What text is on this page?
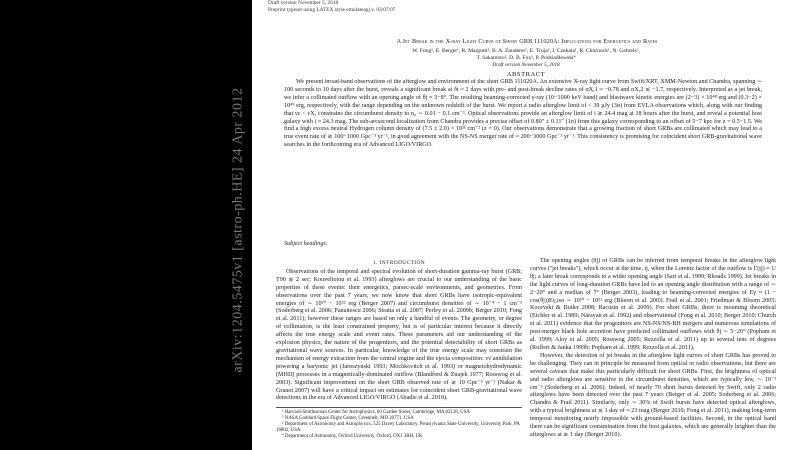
arXiv:1204.5475v1 [astro-ph.HE] 24 Apr 2012
Draft version November 5, 2018
Preprint typeset using LATEX style emulateapj v. 03/07/07
A Jet Break in the X-ray Light Curve of Short GRB 111020A: Implications for Energetics and Rates
W. Fong¹, E. Berger¹, R. Margutti¹, B. A. Zauderer¹, E. Troja², I. Czekala¹, R. Chornock¹, N. Gehrels²,
T. Sakamoto², D. B. Fox³, P. Podsiadlowski⁴
Draft version November 5, 2018
ABSTRACT
We present broad-band observations of the afterglow and environment of the short GRB 111020A. An extensive X-ray light curve from Swift/XRT, XMM-Newton and Chandra, spanning ∼ 100 seconds to 10 days after the burst, reveals a significant break at δt ≈ 2 days with pre- and post-break decline rates of αX,1 ≈ −0.78 and αX,2 ≲ −1.7, respectively. Interpreted as a jet break, we infer a collimated outflow with an opening angle of θj ≈ 3−8°. The resulting beaming-corrected γ-ray (10−1000 keV band) and blastwave kinetic energies are (2−3) × 10⁴⁸ erg and (0.3−2) × 10⁴⁹ erg, respectively, with the range depending on the unknown redshift of the burst. We report a radio afterglow limit of < 39 μJy (3σ) from EVLA observations which, along with our finding that νc < νX, constrains the circumburst density to n₀ ∼ 0.01 − 0.1 cm⁻³. Optical observations provide an afterglow limit of i ≳ 24.4 mag at 18 hours after the burst, and reveal a potential host galaxy with i ≈ 24.3 mag. The sub-arcsecond localization from Chandra provides a precise offset of 0.80″ ± 0.11″ (1σ) from this galaxy corresponding to an offset of 5−7 kpc for z = 0.5−1.5. We find a high excess neutral Hydrogen column density of (7.5 ± 2.0) × 10²¹ cm⁻² (z = 0). Our observations demonstrate that a growing fraction of short GRBs are collimated which may lead to a true event rate of ≳ 100−1000 Gpc⁻³ yr⁻¹, in good agreement with the NS-NS merger rate of ≈ 200−3000 Gpc⁻³ yr⁻¹. This consistency is promising for coincident short GRB-gravitational wave searches in the forthcoming era of Advanced LIGO/VIRGO.
Subject headings:
1. INTRODUCTION

Observations of the temporal and spectral evolution of short-duration gamma-ray burst (GRB; T90 ≲ 2 sec; Kouveliotou et al. 1993) afterglows are crucial to our understanding of the basic properties of these events: their energetics, parsec-scale environments, and geometries. From observations over the past 7 years, we now know that short GRBs have isotropic-equivalent energies of ∼ 10⁵⁰ − 10⁵² erg (Berger 2007) and circumburst densities of ∼ 10⁻⁴ − 1 cm⁻³ (Soderberg et al. 2006; Panaitescu 2006; Stratta et al. 2007; Perley et al. 2009b; Berger 2010; Fong et al. 2011); however these ranges are based on only a handful of events. The geometry, or degree of collimation, is the least constrained property, but is of particular interest because it directly affects the true energy scale and event rates. These parameters aid our understanding of the explosion physics, the nature of the progenitors, and the potential detectability of short GRBs as gravitational wave sources. In particular, knowledge of the true energy scale may constrain the mechanism of energy extraction from the central engine and the ejecta composition: νν̄ annihilation powering a baryonic jet (Jaroszynski 1993; Mochkovitch et al. 1993) or magnetohydrodynamic (MHD) processes in a magnetically-dominated outflow (Blandford & Znajek 1977; Rosswog et al. 2003). Significant improvement on the short GRB observed rate of ≳ 10 Gpc⁻³ yr⁻¹ (Nakar & Granot 2007) will have a critical impact on estimates for coincident short GRB-gravitational wave detections in the era of Advanced LIGO/VIRGO (Abadie et al. 2010).

¹ Harvard-Smithsonian Center for Astrophysics, 60 Garden Street, Cambridge, MA 02138, USA
² NASA Goddard Space Flight Center, Greenbelt, MD 20771, USA
³ Department of Astronomy and Astrophysics, 525 Davey Laboratory, Pennsylvania State University, University Park, PA 16802, USA
⁴ Department of Astronomy, Oxford University, Oxford, OX1 3RH, UK

The opening angles (θj) of GRBs can be inferred from temporal breaks in the afterglow light curves ("jet breaks"), which occur at the time, tj, when the Lorentz factor of the outflow is Γ(tj) ≈ 1/θj; a later break corresponds to a wider opening angle (Sari et al. 1999; Rhoads 1999). Jet breaks in the light curves of long-duration GRBs have led to an opening angle distribution with a range of ∼ 2−20° and a median of 7° (Berger 2003), leading to beaming-corrected energies of Eγ ≈ (1 − cos(θj))Eγ,iso ∼ 10⁵⁰ − 10⁵¹ erg (Bloom et al. 2003; Frail et al. 2001; Friedman & Bloom 2005; Kocevski & Butler 2008; Racusin et al. 2009). For short GRBs, there is mounting theoretical (Eichler et al. 1989; Narayan et al. 1992) and observational (Fong et al. 2010; Berger 2010; Church et al. 2011) evidence that the progenitors are NS-NS/NS-BH mergers and numerous simulations of post-merger black hole accretion have predicted collimated outflows with θj ∼ 5−20° (Popham et al. 1999; Aloy et al. 2005; Rosswog 2005; Rezzolla et al. 2011) up to several tens of degrees (Ruffert & Janka 1999b; Popham et al. 1999; Rezzolla et al. 2011).

However, the detection of jet breaks in the afterglow light curves of short GRBs has proved to be challenging. They can in principle be measured from optical or radio observations, but there are several caveats that make this particularly difficult for short GRBs. First, the brightness of optical and radio afterglows are sensitive to the circumburst densities, which are typically low, ∼ 10⁻² cm⁻³ (Soderberg et al. 2006). Indeed, of nearly 70 short bursts detected by Swift, only 2 radio afterglows have been detected over the past 7 years (Berger et al. 2005; Soderberg et al. 2006; Chandra & Frail 2011). Similarly, only ∼ 30% of Swift bursts have detected optical afterglows, with a typical brightness at ≲ 1 day of ≈ 23 mag (Berger 2010; Fong et al. 2011), making long-term temporal monitoring nearly impossible with ground-based facilities. Second, in the optical band there can be significant contamination from the host galaxies, which are generally brighter than the afterglows at ≳ 1 day (Berger 2010).
